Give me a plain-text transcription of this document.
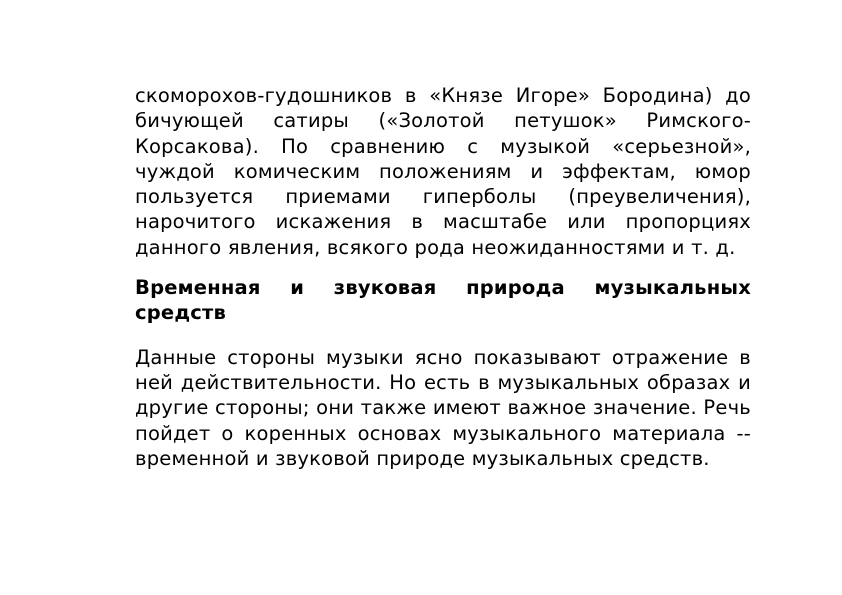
скоморохов-гудошников в «Князе Игоре» Бородина) до бичующей сатиры («Золотой петушок» Римского-Корсакова). По сравнению с музыкой «серьезной», чуждой комическим положениям и эффектам, юмор пользуется приемами гиперболы (преувеличения), нарочитого искажения в масштабе или пропорциях данного явления, всякого рода неожиданностями и т. д.

Временная и звуковая природа музыкальных средств

Данные стороны музыки ясно показывают отражение в ней действительности. Но есть в музыкальных образах и другие стороны; они также имеют важное значение. Речь пойдет о коренных основах музыкального материала -- временной и звуковой природе музыкальных средств.
